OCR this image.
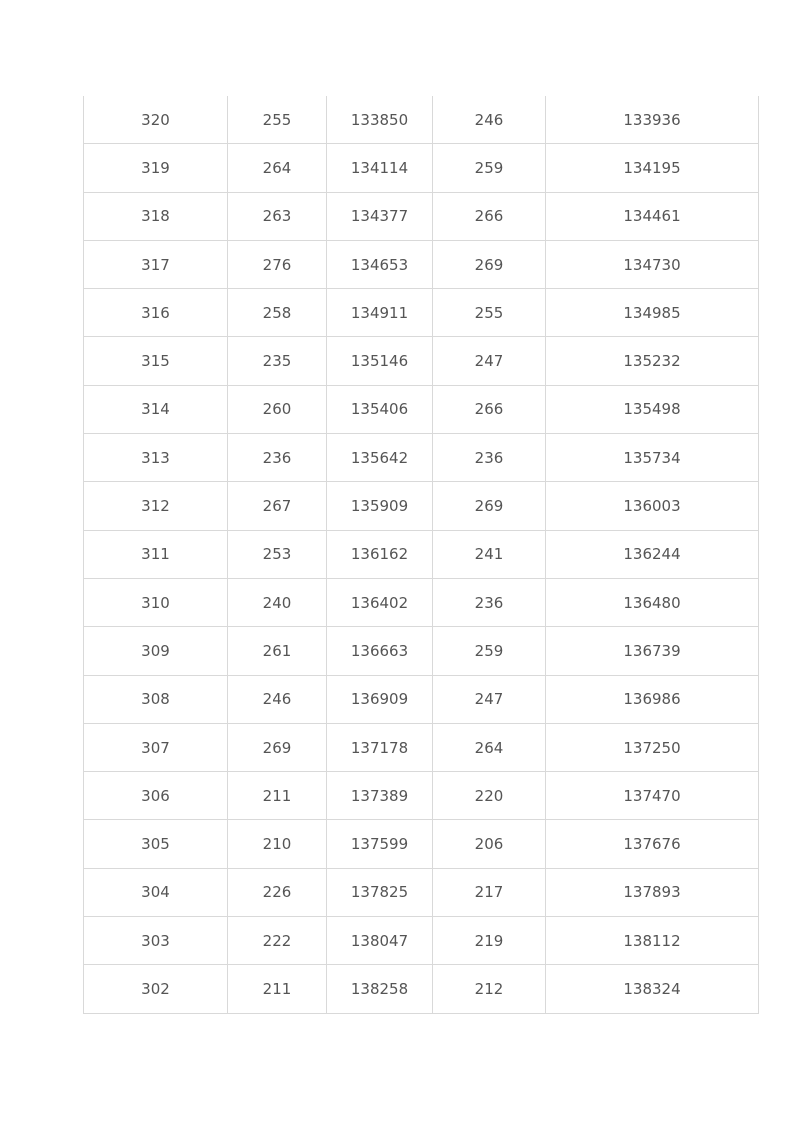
320	255	133850	246	133936
319	264	134114	259	134195
318	263	134377	266	134461
317	276	134653	269	134730
316	258	134911	255	134985
315	235	135146	247	135232
314	260	135406	266	135498
313	236	135642	236	135734
312	267	135909	269	136003
311	253	136162	241	136244
310	240	136402	236	136480
309	261	136663	259	136739
308	246	136909	247	136986
307	269	137178	264	137250
306	211	137389	220	137470
305	210	137599	206	137676
304	226	137825	217	137893
303	222	138047	219	138112
302	211	138258	212	138324
